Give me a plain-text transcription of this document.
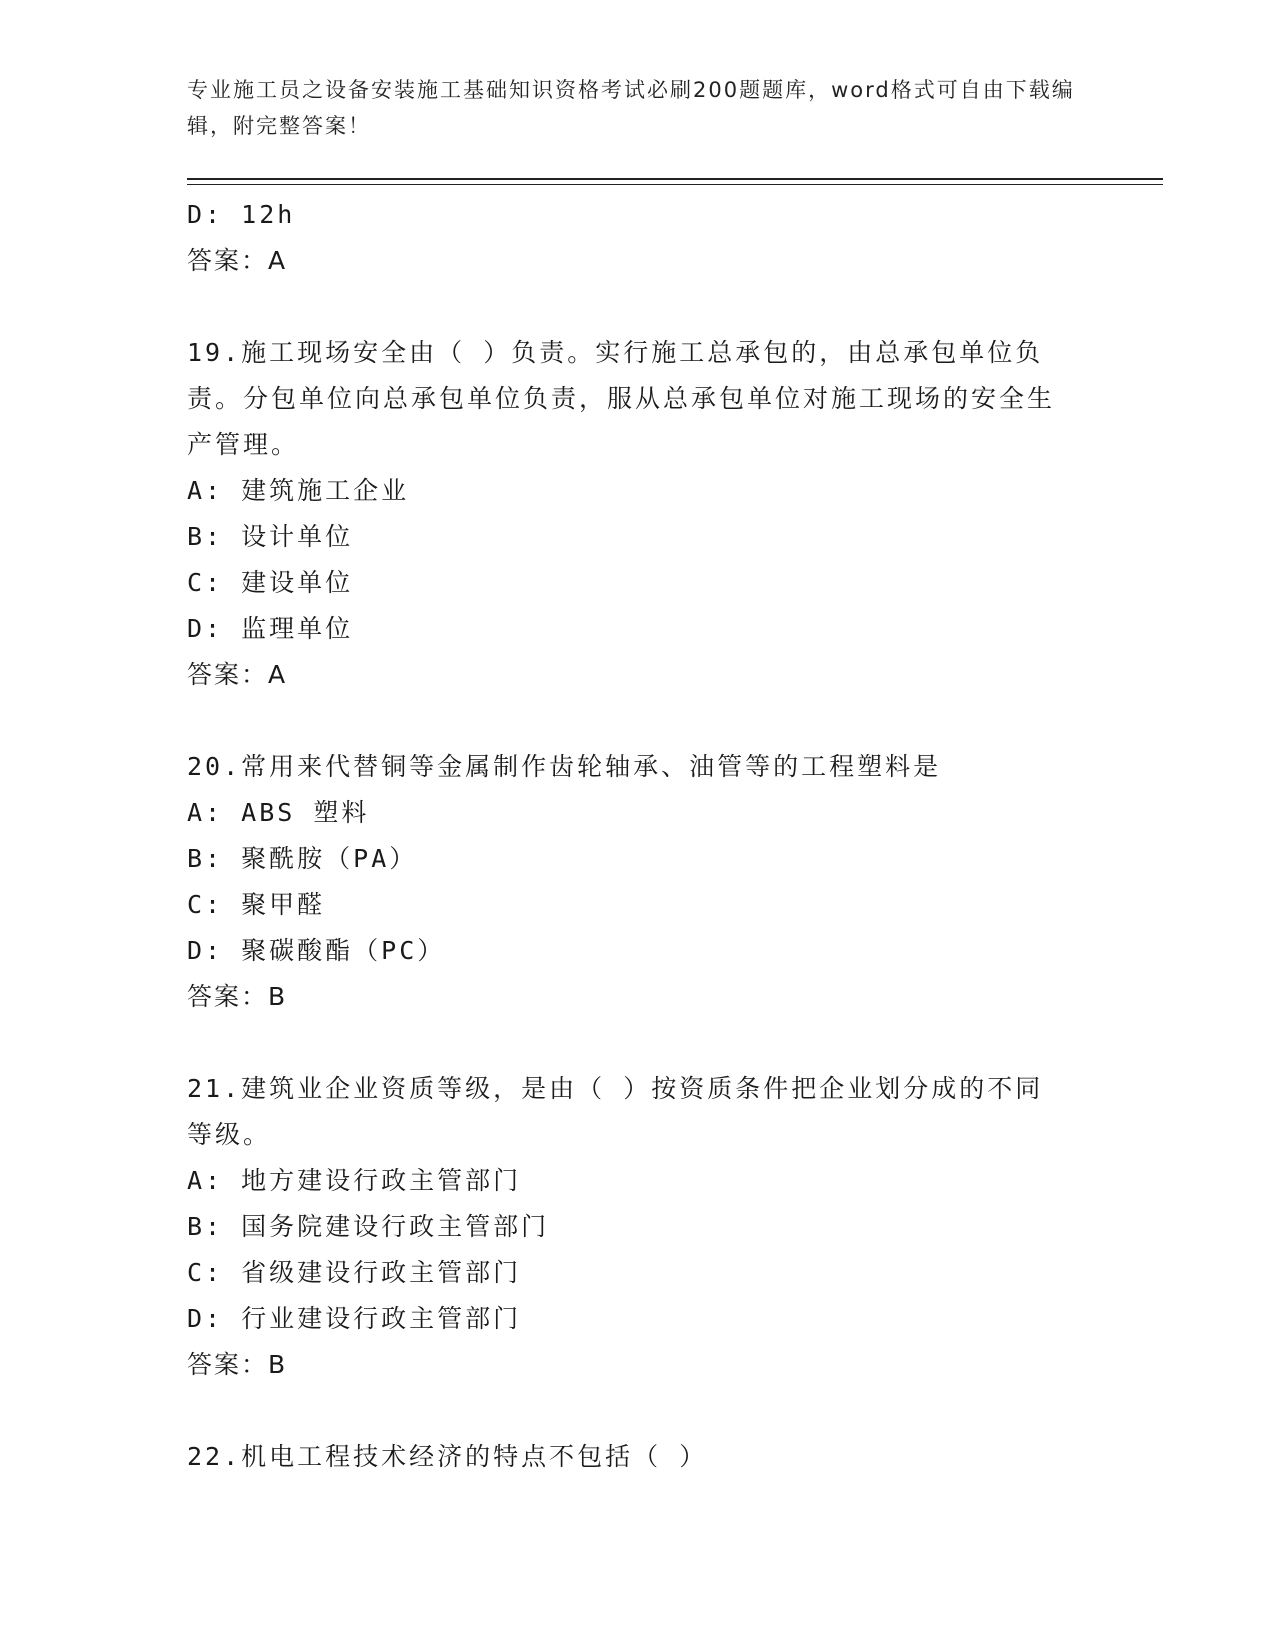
专业施工员之设备安装施工基础知识资格考试必刷200题题库，word格式可自由下载编辑，附完整答案！
D: 12h
答案：A
19.施工现场安全由（ ）负责。实行施工总承包的，由总承包单位负责。分包单位向总承包单位负责，服从总承包单位对施工现场的安全生产管理。
A: 建筑施工企业
B: 设计单位
C: 建设单位
D: 监理单位
答案：A
20.常用来代替铜等金属制作齿轮轴承、油管等的工程塑料是
A: ABS 塑料
B: 聚酰胺（PA）
C: 聚甲醛
D: 聚碳酸酯（PC）
答案：B
21.建筑业企业资质等级，是由（ ）按资质条件把企业划分成的不同等级。
A: 地方建设行政主管部门
B: 国务院建设行政主管部门
C: 省级建设行政主管部门
D: 行业建设行政主管部门
答案：B
22.机电工程技术经济的特点不包括（ ）
